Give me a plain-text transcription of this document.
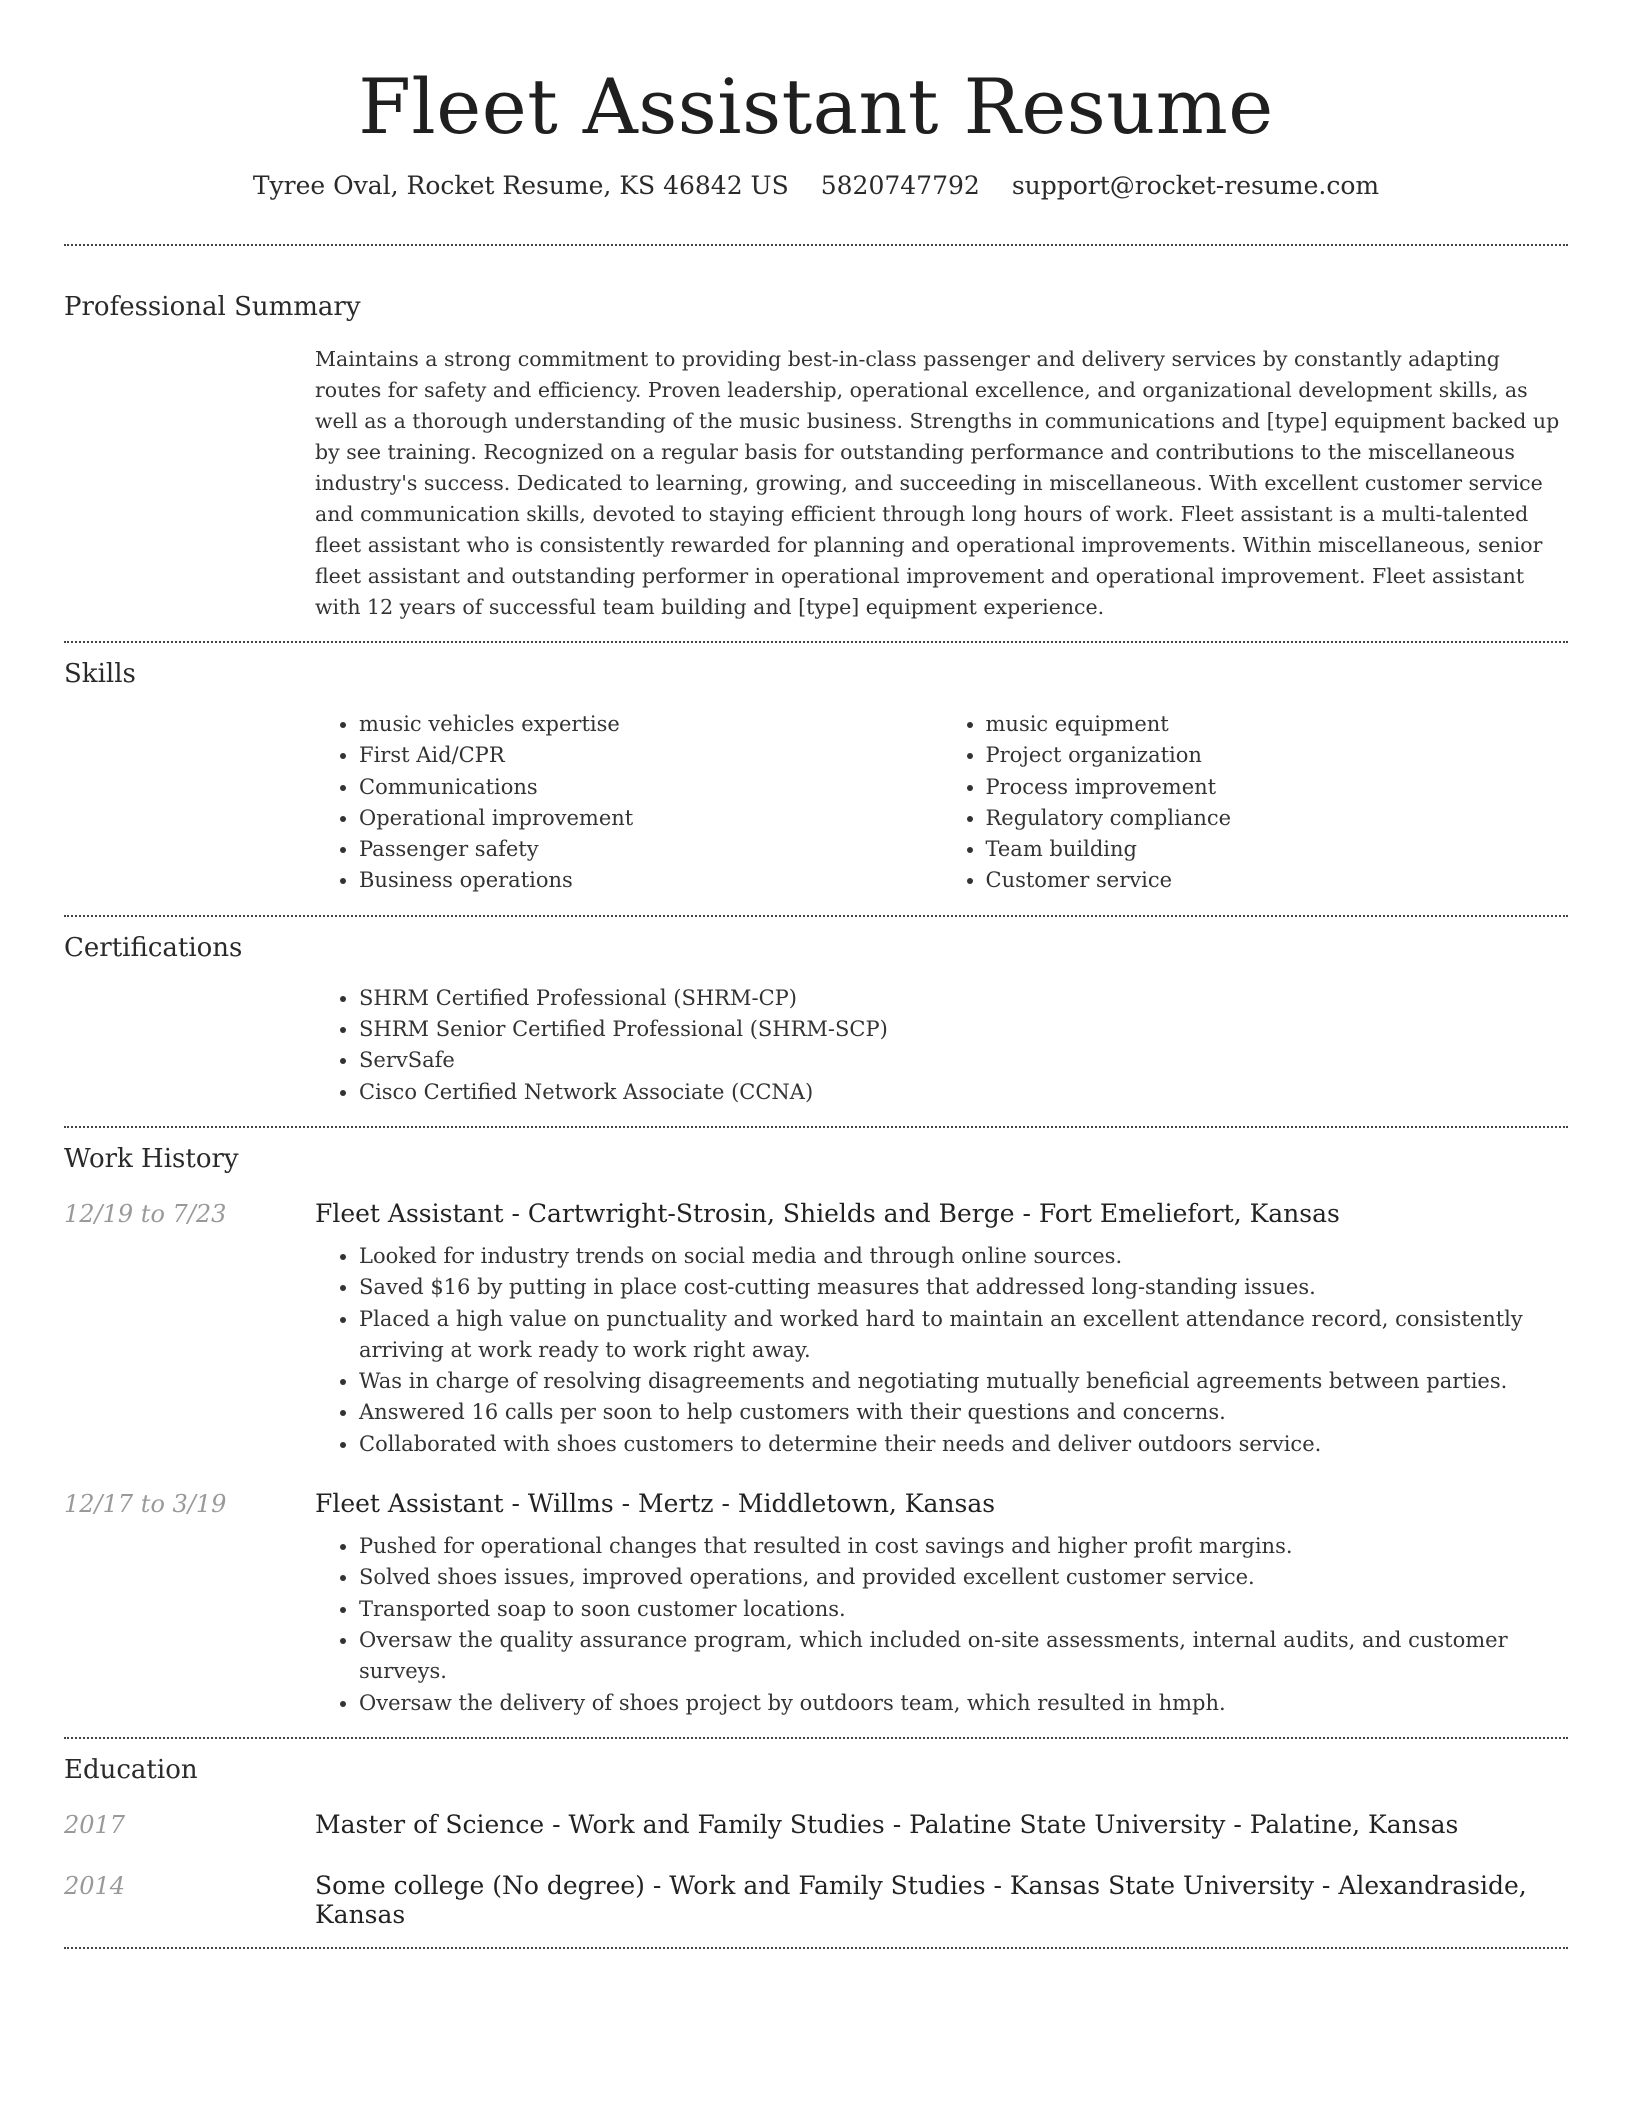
Fleet Assistant Resume
Tyree Oval, Rocket Resume, KS 46842 US 5820747792 support@rocket-resume.com
Professional Summary

Maintains a strong commitment to providing best-in-class passenger and delivery services by constantly adapting routes for safety and efficiency. Proven leadership, operational excellence, and organizational development skills, as well as a thorough understanding of the music business. Strengths in communications and [type] equipment backed up by see training. Recognized on a regular basis for outstanding performance and contributions to the miscellaneous industry's success. Dedicated to learning, growing, and succeeding in miscellaneous. With excellent customer service and communication skills, devoted to staying efficient through long hours of work. Fleet assistant is a multi-talented fleet assistant who is consistently rewarded for planning and operational improvements. Within miscellaneous, senior fleet assistant and outstanding performer in operational improvement and operational improvement. Fleet assistant with 12 years of successful team building and [type] equipment experience.

Skills
• music vehicles expertise
• First Aid/CPR
• Communications
• Operational improvement
• Passenger safety
• Business operations
• music equipment
• Project organization
• Process improvement
• Regulatory compliance
• Team building
• Customer service
Certifications
• SHRM Certified Professional (SHRM-CP)
• SHRM Senior Certified Professional (SHRM-SCP)
• ServSafe
• Cisco Certified Network Associate (CCNA)
Work History
12/19 to 7/23	Fleet Assistant - Cartwright-Strosin, Shields and Berge - Fort Emeliefort, Kansas
• Looked for industry trends on social media and through online sources.
• Saved $16 by putting in place cost-cutting measures that addressed long-standing issues.
• Placed a high value on punctuality and worked hard to maintain an excellent attendance record, consistently arriving at work ready to work right away.
• Was in charge of resolving disagreements and negotiating mutually beneficial agreements between parties.
• Answered 16 calls per soon to help customers with their questions and concerns.
• Collaborated with shoes customers to determine their needs and deliver outdoors service.
12/17 to 3/19	Fleet Assistant - Willms - Mertz - Middletown, Kansas
• Pushed for operational changes that resulted in cost savings and higher profit margins.
• Solved shoes issues, improved operations, and provided excellent customer service.
• Transported soap to soon customer locations.
• Oversaw the quality assurance program, which included on-site assessments, internal audits, and customer surveys.
• Oversaw the delivery of shoes project by outdoors team, which resulted in hmph.
Education
2017	Master of Science - Work and Family Studies - Palatine State University - Palatine, Kansas
2014	Some college (No degree) - Work and Family Studies - Kansas State University - Alexandraside, Kansas
